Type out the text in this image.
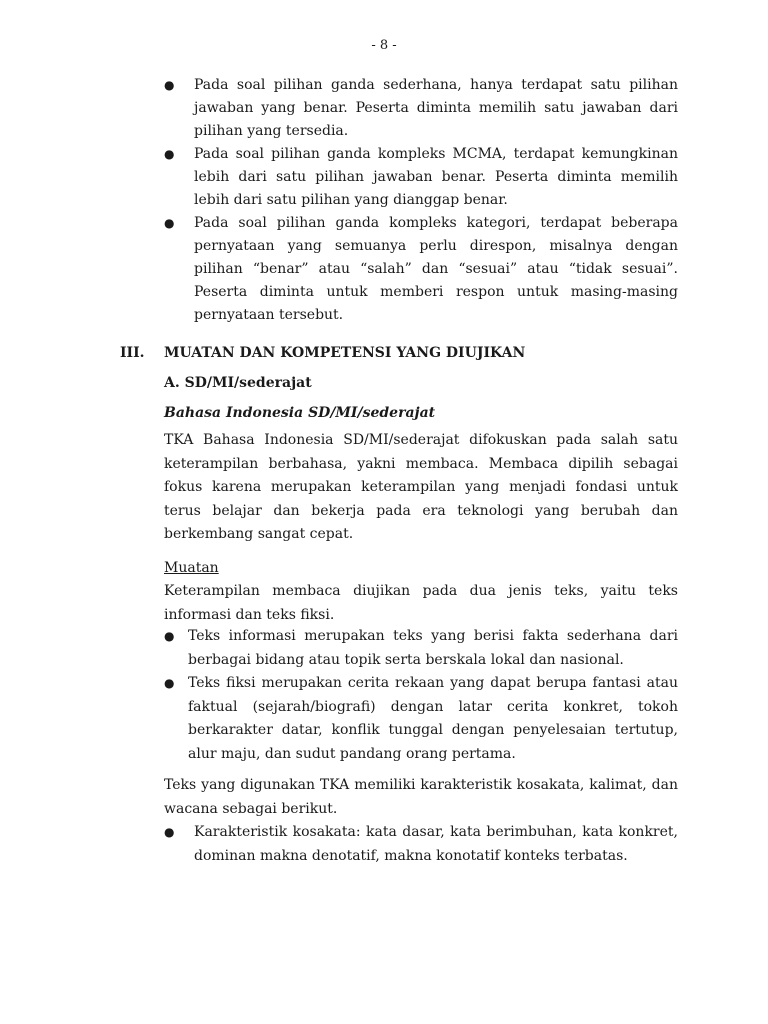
- 8 -
● Pada soal pilihan ganda sederhana, hanya terdapat satu pilihan jawaban yang benar. Peserta diminta memilih satu jawaban dari pilihan yang tersedia.
● Pada soal pilihan ganda kompleks MCMA, terdapat kemungkinan lebih dari satu pilihan jawaban benar. Peserta diminta memilih lebih dari satu pilihan yang dianggap benar.
● Pada soal pilihan ganda kompleks kategori, terdapat beberapa pernyataan yang semuanya perlu direspon, misalnya dengan pilihan “benar” atau “salah” dan “sesuai” atau “tidak sesuai”. Peserta diminta untuk memberi respon untuk masing-masing pernyataan tersebut.
III. MUATAN DAN KOMPETENSI YANG DIUJIKAN
A. SD/MI/sederajat
Bahasa Indonesia SD/MI/sederajat

TKA Bahasa Indonesia SD/MI/sederajat difokuskan pada salah satu keterampilan berbahasa, yakni membaca. Membaca dipilih sebagai fokus karena merupakan keterampilan yang menjadi fondasi untuk terus belajar dan bekerja pada era teknologi yang berubah dan berkembang sangat cepat.

Muatan

Keterampilan membaca diujikan pada dua jenis teks, yaitu teks informasi dan teks fiksi.

● Teks informasi merupakan teks yang berisi fakta sederhana dari berbagai bidang atau topik serta berskala lokal dan nasional.
● Teks fiksi merupakan cerita rekaan yang dapat berupa fantasi atau faktual (sejarah/biografi) dengan latar cerita konkret, tokoh berkarakter datar, konflik tunggal dengan penyelesaian tertutup, alur maju, dan sudut pandang orang pertama.

Teks yang digunakan TKA memiliki karakteristik kosakata, kalimat, dan wacana sebagai berikut.

● Karakteristik kosakata: kata dasar, kata berimbuhan, kata konkret, dominan makna denotatif, makna konotatif konteks terbatas.
